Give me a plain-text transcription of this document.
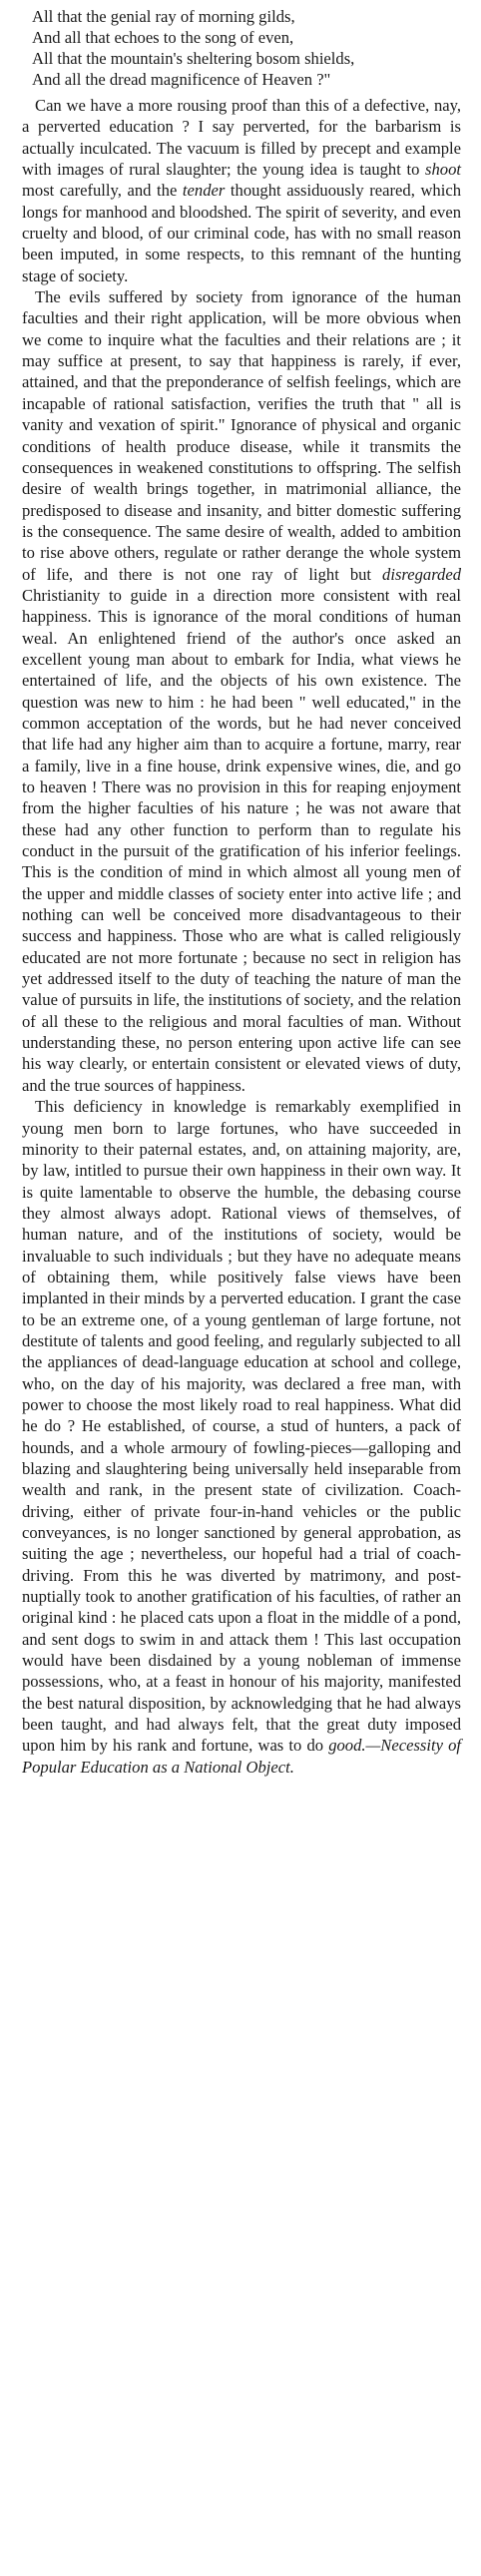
All that the genial ray of morning gilds,
And all that echoes to the song of even,
All that the mountain's sheltering bosom shields,
And all the dread magnificence of Heaven ?"

Can we have a more rousing proof than this of a defective, nay, a perverted education ? I say perverted, for the barbarism is actually inculcated. The vacuum is filled by precept and example with images of rural slaughter; the young idea is taught to shoot most carefully, and the tender thought assiduously reared, which longs for manhood and bloodshed. The spirit of severity, and even cruelty and blood, of our criminal code, has with no small reason been imputed, in some respects, to this remnant of the hunting stage of society.

The evils suffered by society from ignorance of the human faculties and their right application, will be more obvious when we come to inquire what the faculties and their relations are ; it may suffice at present, to say that happiness is rarely, if ever, attained, and that the preponderance of selfish feelings, which are incapable of rational satisfaction, verifies the truth that " all is vanity and vexation of spirit." Ignorance of physical and organic conditions of health produce disease, while it transmits the consequences in weakened constitutions to offspring. The selfish desire of wealth brings together, in matrimonial alliance, the predisposed to disease and insanity, and bitter domestic suffering is the consequence. The same desire of wealth, added to ambition to rise above others, regulate or rather derange the whole system of life, and there is not one ray of light but disregarded Christianity to guide in a direction more consistent with real happiness. This is ignorance of the moral conditions of human weal. An enlightened friend of the author's once asked an excellent young man about to embark for India, what views he entertained of life, and the objects of his own existence. The question was new to him : he had been " well educated," in the common acceptation of the words, but he had never conceived that life had any higher aim than to acquire a fortune, marry, rear a family, live in a fine house, drink expensive wines, die, and go to heaven ! There was no provision in this for reaping enjoyment from the higher faculties of his nature ; he was not aware that these had any other function to perform than to regulate his conduct in the pursuit of the gratification of his inferior feelings. This is the condition of mind in which almost all young men of the upper and middle classes of society enter into active life ; and nothing can well be conceived more disadvantageous to their success and happiness. Those who are what is called religiously educated are not more fortunate ; because no sect in religion has yet addressed itself to the duty of teaching the nature of man the value of pursuits in life, the institutions of society, and the relation of all these to the religious and moral faculties of man. Without understanding these, no person entering upon active life can see his way clearly, or entertain consistent or elevated views of duty, and the true sources of happiness.

This deficiency in knowledge is remarkably exemplified in young men born to large fortunes, who have succeeded in minority to their paternal estates, and, on attaining majority, are, by law, intitled to pursue their own happiness in their own way. It is quite lamentable to observe the humble, the debasing course they almost always adopt. Rational views of themselves, of human nature, and of the institutions of society, would be invaluable to such individuals ; but they have no adequate means of obtaining them, while positively false views have been implanted in their minds by a perverted education. I grant the case to be an extreme one, of a young gentleman of large fortune, not destitute of talents and good feeling, and regularly subjected to all the appliances of dead-language education at school and college, who, on the day of his majority, was declared a free man, with power to choose the most likely road to real happiness. What did he do ? He established, of course, a stud of hunters, a pack of hounds, and a whole armoury of fowling-pieces—galloping and blazing and slaughtering being universally held inseparable from wealth and rank, in the present state of civilization. Coach-driving, either of private four-in-hand vehicles or the public conveyances, is no longer sanctioned by general approbation, as suiting the age ; nevertheless, our hopeful had a trial of coach-driving. From this he was diverted by matrimony, and post-nuptially took to another gratification of his faculties, of rather an original kind : he placed cats upon a float in the middle of a pond, and sent dogs to swim in and attack them ! This last occupation would have been disdained by a young nobleman of immense possessions, who, at a feast in honour of his majority, manifested the best natural disposition, by acknowledging that he had always been taught, and had always felt, that the great duty imposed upon him by his rank and fortune, was to do good.—Necessity of Popular Education as a National Object.
